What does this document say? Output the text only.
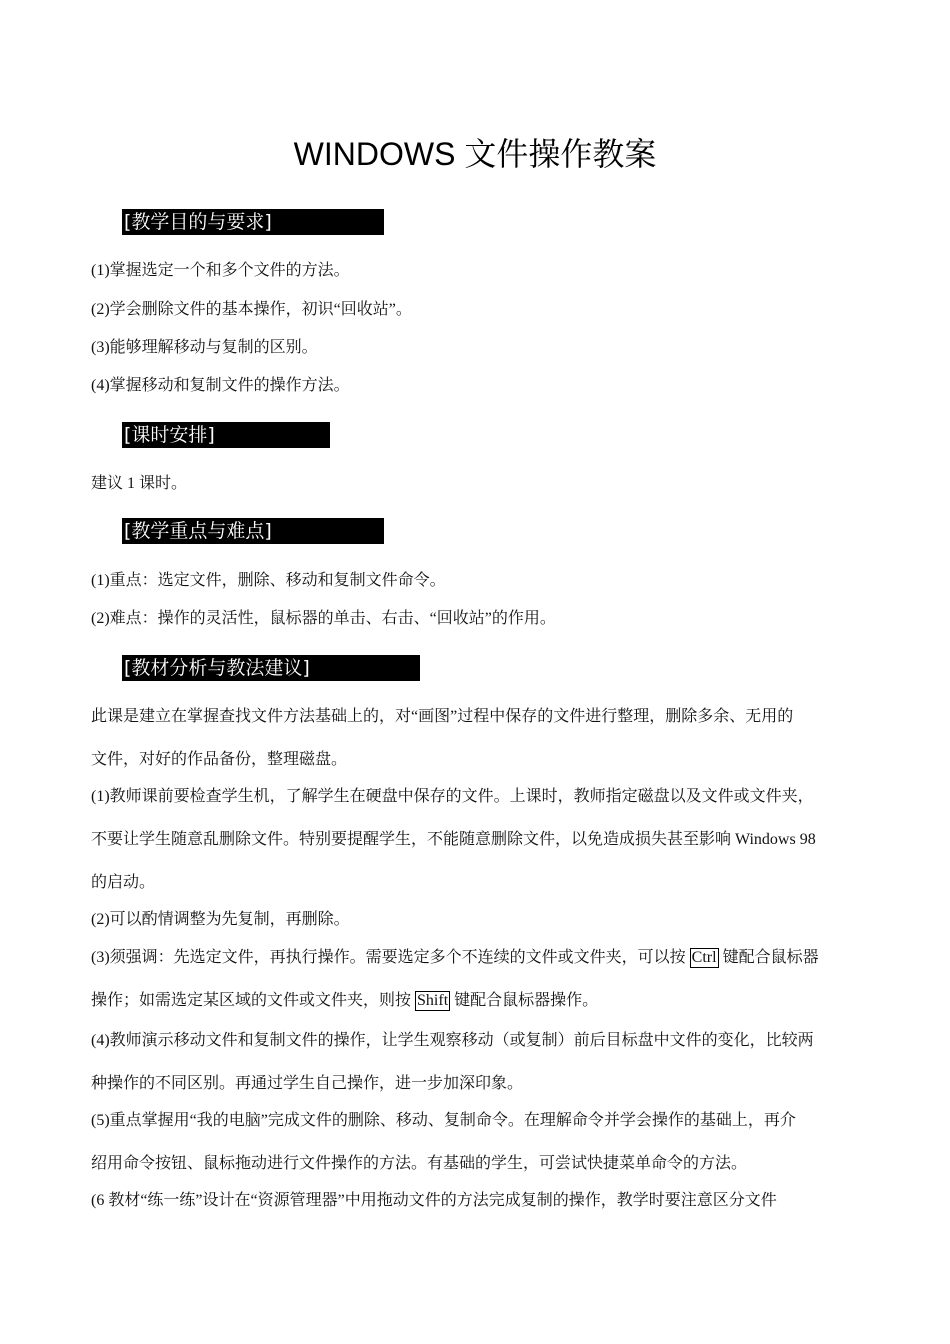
WINDOWS 文件操作教案
[教学目的与要求]
(1)掌握选定一个和多个文件的方法。
(2)学会删除文件的基本操作，初识“回收站”。
(3)能够理解移动与复制的区别。
(4)掌握移动和复制文件的操作方法。
[课时安排]
建议 1 课时。
[教学重点与难点]
(1)重点：选定文件，删除、移动和复制文件命令。
(2)难点：操作的灵活性，鼠标器的单击、右击、“回收站”的作用。
[教材分析与教法建议]
此课是建立在掌握查找文件方法基础上的，对“画图”过程中保存的文件进行整理，删除多余、无用的
文件，对好的作品备份，整理磁盘。
(1)教师课前要检查学生机，了解学生在硬盘中保存的文件。上课时，教师指定磁盘以及文件或文件夹，
不要让学生随意乱删除文件。特别要提醒学生，不能随意删除文件，以免造成损失甚至影响 Windows 98
的启动。
(2)可以酌情调整为先复制，再删除。
(3)须强调：先选定文件，再执行操作。需要选定多个不连续的文件或文件夹，可以按 Ctrl 键配合鼠标器
操作；如需选定某区域的文件或文件夹，则按 Shift 键配合鼠标器操作。
(4)教师演示移动文件和复制文件的操作，让学生观察移动（或复制）前后目标盘中文件的变化，比较两
种操作的不同区别。再通过学生自己操作，进一步加深印象。
(5)重点掌握用“我的电脑”完成文件的删除、移动、复制命令。在理解命令并学会操作的基础上，再介
绍用命令按钮、鼠标拖动进行文件操作的方法。有基础的学生，可尝试快捷菜单命令的方法。
(6 教材“练一练”设计在“资源管理器”中用拖动文件的方法完成复制的操作，教学时要注意区分文件
